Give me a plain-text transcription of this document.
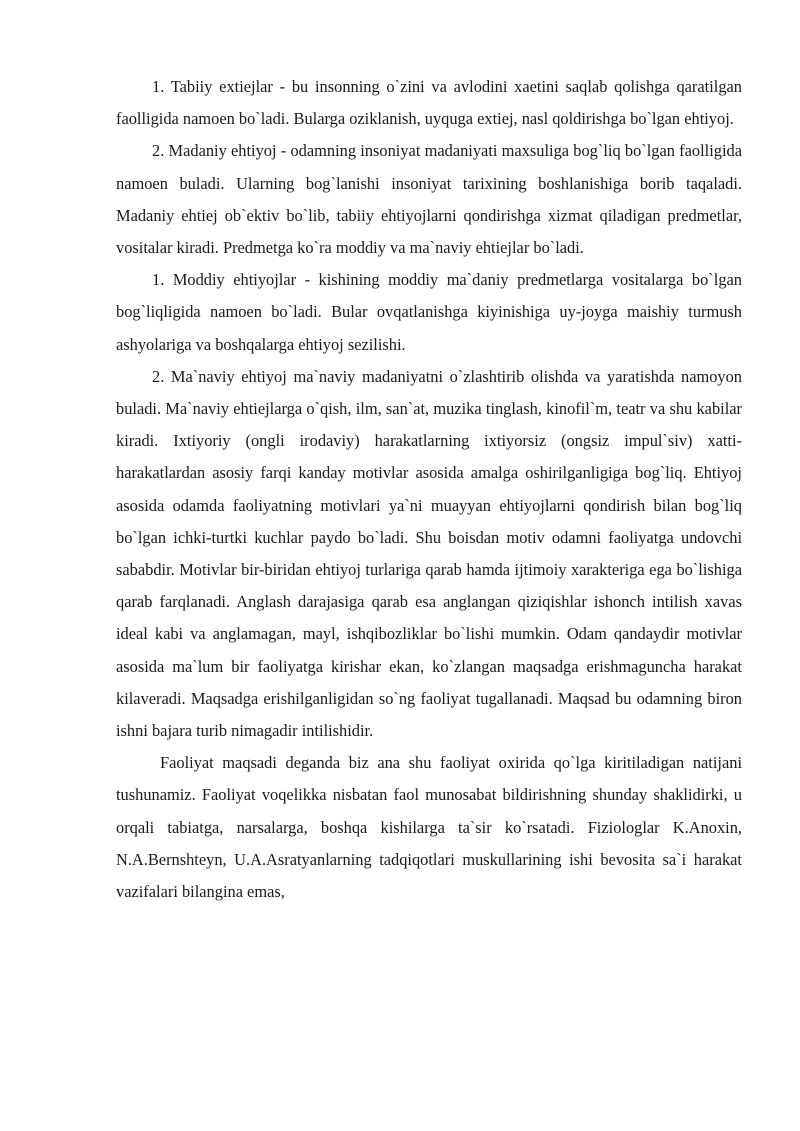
1. Tabiiy extiejlar - bu insonning o`zini va avlodini xaetini saqlab qolishga qaratilgan faolligida namoen bo`ladi. Bularga oziklanish, uyquga extiej, nasl qoldirishga bo`lgan ehtiyoj.

2. Madaniy ehtiyoj - odamning insoniyat madaniyati maxsuliga bog`liq bo`lgan faolligida namoen buladi. Ularning bog`lanishi insoniyat tarixining boshlanishiga borib taqaladi. Madaniy ehtiej ob`ektiv bo`lib, tabiiy ehtiyojlarni qondirishga xizmat qiladigan predmetlar, vositalar kiradi. Predmetga ko`ra moddiy va ma`naviy ehtiejlar bo`ladi.

1. Moddiy ehtiyojlar - kishining moddiy ma`daniy predmetlarga vositalarga bo`lgan bog`liqligida namoen bo`ladi. Bular ovqatlanishga kiyinishiga uy-joyga maishiy turmush ashyolariga va boshqalarga ehtiyoj sezilishi.

2. Ma`naviy ehtiyoj ma`naviy madaniyatni o`zlashtirib olishda va yaratishda namoyon buladi. Ma`naviy ehtiejlarga o`qish, ilm, san`at, muzika tinglash, kinofil`m, teatr va shu kabilar kiradi. Ixtiyoriy (ongli irodaviy) harakatlarning ixtiyorsiz (ongsiz impul`siv) xatti-harakatlardan asosiy farqi kanday motivlar asosida amalga oshirilganligiga bog`liq. Ehtiyoj asosida odamda faoliyatning motivlari ya`ni muayyan ehtiyojlarni qondirish bilan bog`liq bo`lgan ichki-turtki kuchlar paydo bo`ladi. Shu boisdan motiv odamni faoliyatga undovchi sababdir. Motivlar bir-biridan ehtiyoj turlariga qarab hamda ijtimoiy xarakteriga ega bo`lishiga qarab farqlanadi. Anglash darajasiga qarab esa anglangan qiziqishlar ishonch intilish xavas ideal kabi va anglamagan, mayl, ishqibozliklar bo`lishi mumkin. Odam qandaydir motivlar asosida ma`lum bir faoliyatga kirishar ekan, ko`zlangan maqsadga erishmaguncha harakat kilaveradi. Maqsadga erishilganligidan so`ng faoliyat tugallanadi. Maqsad bu odamning biron ishni bajara turib nimagadir intilishidir.

Faoliyat maqsadi deganda biz ana shu faoliyat oxirida qo`lga kiritiladigan natijani tushunamiz. Faoliyat voqelikka nisbatan faol munosabat bildirishning shunday shaklidirki, u orqali tabiatga, narsalarga, boshqa kishilarga ta`sir ko`rsatadi. Fiziologlar K.Anoxin, N.A.Bernshteyn, U.A.Asratyanlarning tadqiqotlari muskullarining ishi bevosita sa`i harakat vazifalari bilangina emas,
